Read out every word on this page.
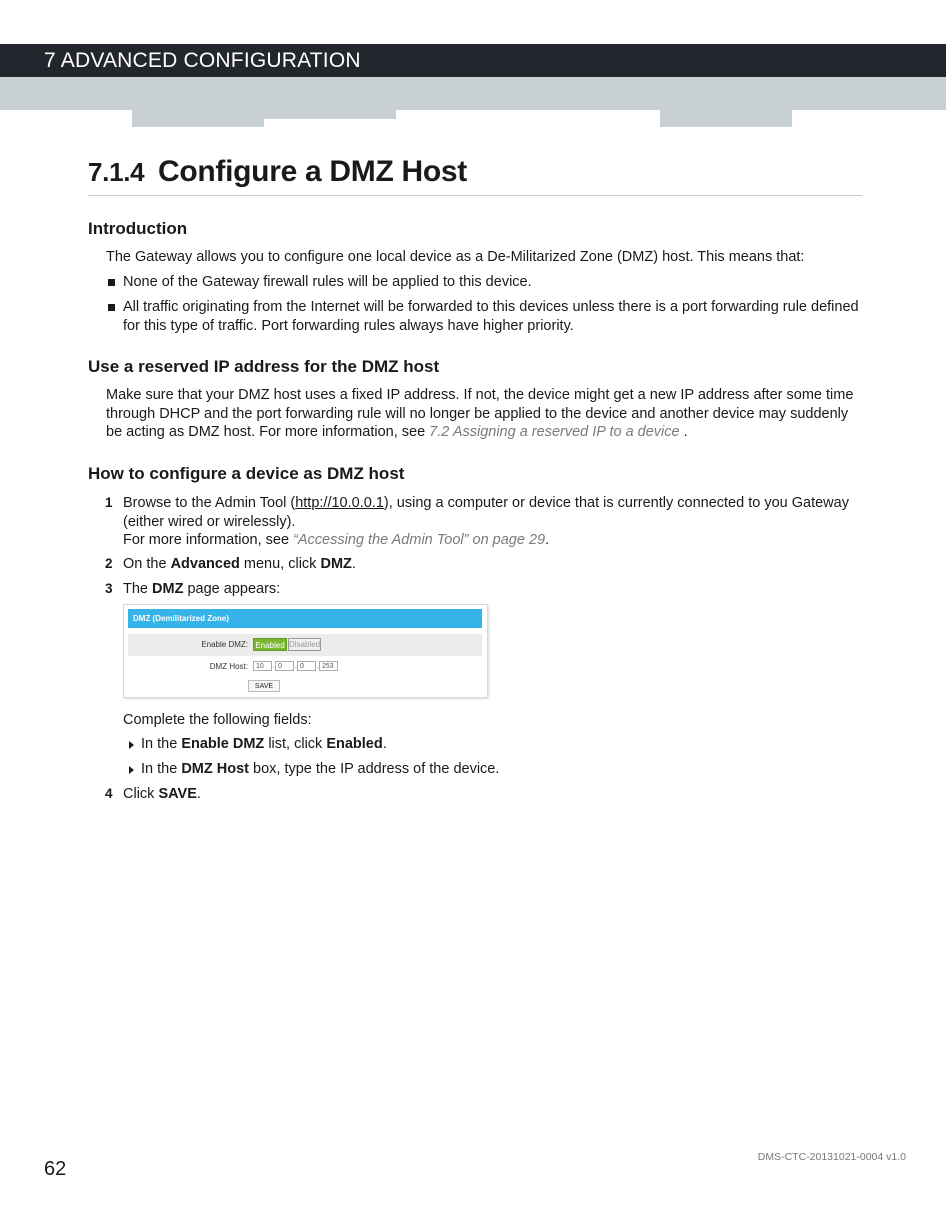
7 ADVANCED CONFIGURATION
7.1.4 Configure a DMZ Host
Introduction
The Gateway allows you to configure one local device as a De-Militarized Zone (DMZ) host. This means that:
None of the Gateway firewall rules will be applied to this device.
All traffic originating from the Internet will be forwarded to this devices unless there is a port forwarding rule defined for this type of traffic. Port forwarding rules always have higher priority.
Use a reserved IP address for the DMZ host
Make sure that your DMZ host uses a fixed IP address. If not, the device might get a new IP address after some time through DHCP and the port forwarding rule will no longer be applied to the device and another device may suddenly be acting as DMZ host. For more information, see 7.2 Assigning a reserved IP to a device .
How to configure a device as DMZ host
1 Browse to the Admin Tool (http://10.0.0.1), using a computer or device that is currently connected to you Gateway (either wired or wirelessly).
For more information, see “Accessing the Admin Tool” on page 29.
2 On the Advanced menu, click DMZ.
3 The DMZ page appears:
DMZ (Demilitarized Zone)
Enable DMZ: Enabled Disabled
DMZ Host:	10	. 0	. 0	. 253
SAVE
Complete the following fields:
In the Enable DMZ list, click Enabled.
In the DMZ Host box, type the IP address of the device.
4 Click SAVE.
62
DMS-CTC-20131021-0004 v1.0
